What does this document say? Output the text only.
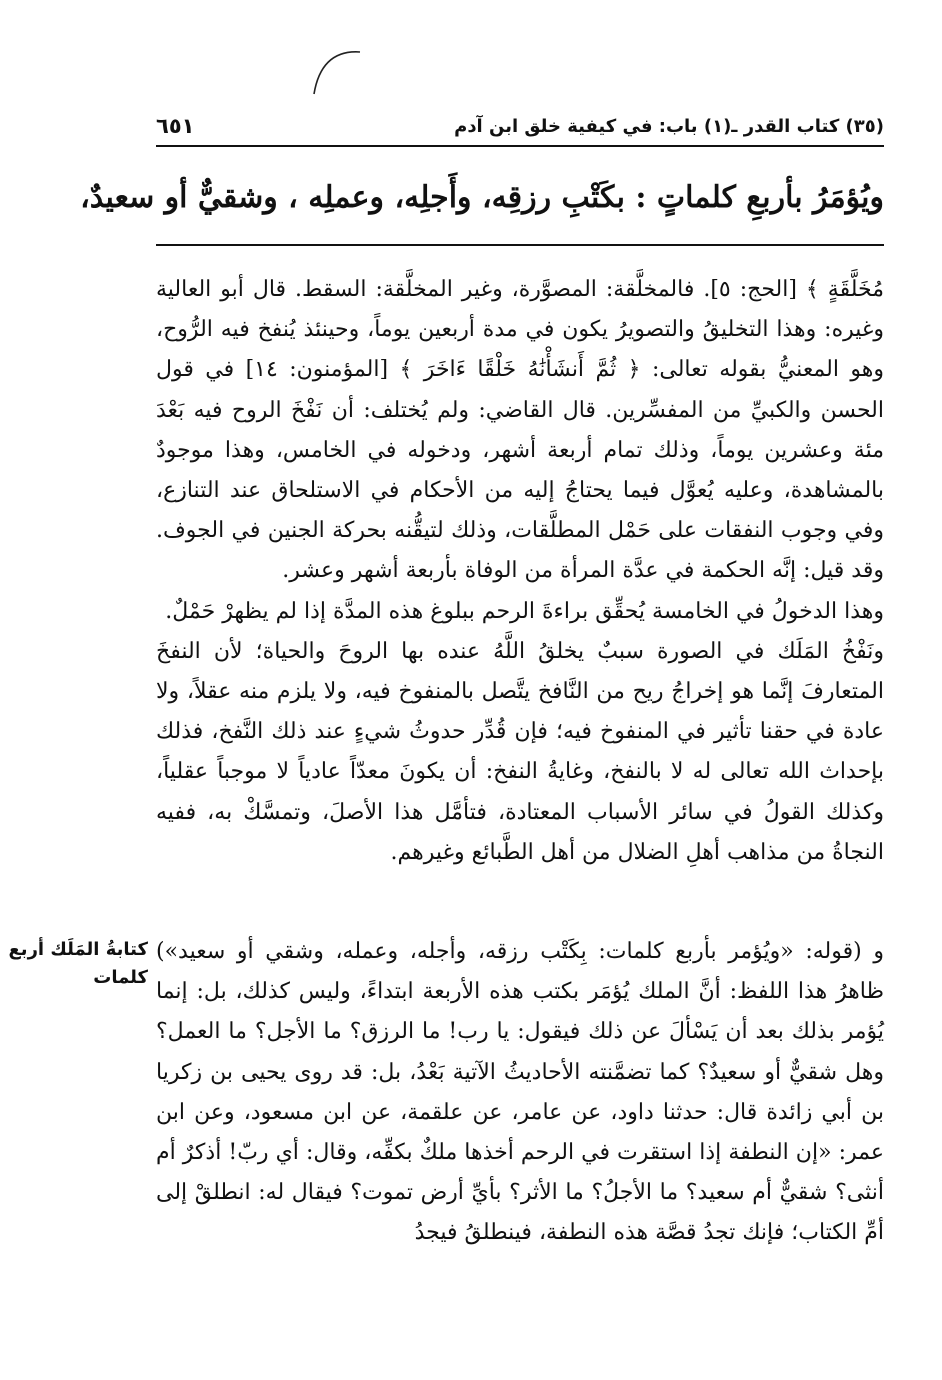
(٣٥) كتاب القدر ـ(١) باب: في كيفية خلق ابن آدم
٦٥١
ويُؤمَرُ بأربعِ كلماتٍ : بكَتْبِ رزقِه، وأَجلِه، وعملِه ، وشقيٌّ أو سعيدٌ،

مُخَلَّقَةٍ ﴾ [الحج: ٥]. فالمخلَّقة: المصوَّرة، وغير المخلَّقة: السقط. قال أبو العالية وغيره: وهذا التخليقُ والتصويرُ يكون في مدة أربعين يوماً، وحينئذ يُنفخ فيه الرُّوح، وهو المعنيُّ بقوله تعالى: ﴿ ثُمَّ أَنشَأْنَٰهُ خَلْقًا ءَاخَرَ ﴾ [المؤمنون: ١٤] في قول الحسن والكبيِّ من المفسِّرين. قال القاضي: ولم يُختلف: أن نَفْخَ الروح فيه بَعْدَ مئة وعشرين يوماً، وذلك تمام أربعة أشهر، ودخوله في الخامس، وهذا موجودٌ بالمشاهدة، وعليه يُعوَّل فيما يحتاجُ إليه من الأحكام في الاستلحاق عند التنازع، وفي وجوب النفقات على حَمْل المطلَّقات، وذلك لتيقُّنه بحركة الجنين في الجوف. وقد قيل: إنَّه الحكمة في عدَّة المرأة من الوفاة بأربعة أشهر وعشر.

وهذا الدخولُ في الخامسة يُحقِّق براءةَ الرحم ببلوغ هذه المدَّة إذا لم يظهرْ حَمْلٌ.

ونَفْخُ المَلَك في الصورة سببٌ يخلقُ اللَّهُ عنده بها الروحَ والحياة؛ لأن النفخَ المتعارفَ إنَّما هو إخراجُ ريح من النَّافخ يتَّصل بالمنفوخ فيه، ولا يلزم منه عقلاً، ولا عادة في حقنا تأثير في المنفوخ فيه؛ فإن قُدِّر حدوثُ شيءٍ عند ذلك النَّفخ، فذلك بإحداث الله تعالى له لا بالنفخ، وغايةُ النفخ: أن يكونَ معدّاً عادياً لا موجباً عقلياً، وكذلك القولُ في سائر الأسباب المعتادة، فتأمَّل هذا الأصلَ، وتمسَّكْ به، ففيه النجاةُ من مذاهب أهلِ الضلال من أهل الطَّبائع وغيرهم.

و (قوله: «ويُؤمر بأربع كلمات: بِكَتْب رزقه، وأجله، وعمله، وشقي أو سعيد») ظاهرُ هذا اللفظ: أنَّ الملك يُؤمَر بكتب هذه الأربعة ابتداءً، وليس كذلك، بل: إنما يُؤمر بذلك بعد أن يَسْألَ عن ذلك فيقول: يا رب! ما الرزق؟ ما الأجل؟ ما العمل؟ وهل شقيٌّ أو سعيدٌ؟ كما تضمَّنته الأحاديثُ الآتية بَعْدُ، بل: قد روى يحيى بن زكريا بن أبي زائدة قال: حدثنا داود، عن عامر، عن علقمة، عن ابن مسعود، وعن ابن عمر: «إن النطفة إذا استقرت في الرحم أخذها ملكٌ بكفِّه، وقال: أي ربّ! أذكرٌ أم أنثى؟ شقيٌّ أم سعيد؟ ما الأجلُ؟ ما الأثر؟ بأيِّ أرض تموت؟ فيقال له: انطلقْ إلى أمِّ الكتاب؛ فإنك تجدُ قصَّة هذه النطفة، فينطلقُ فيجدُ

كتابةُ المَلَك أربع كلمات
